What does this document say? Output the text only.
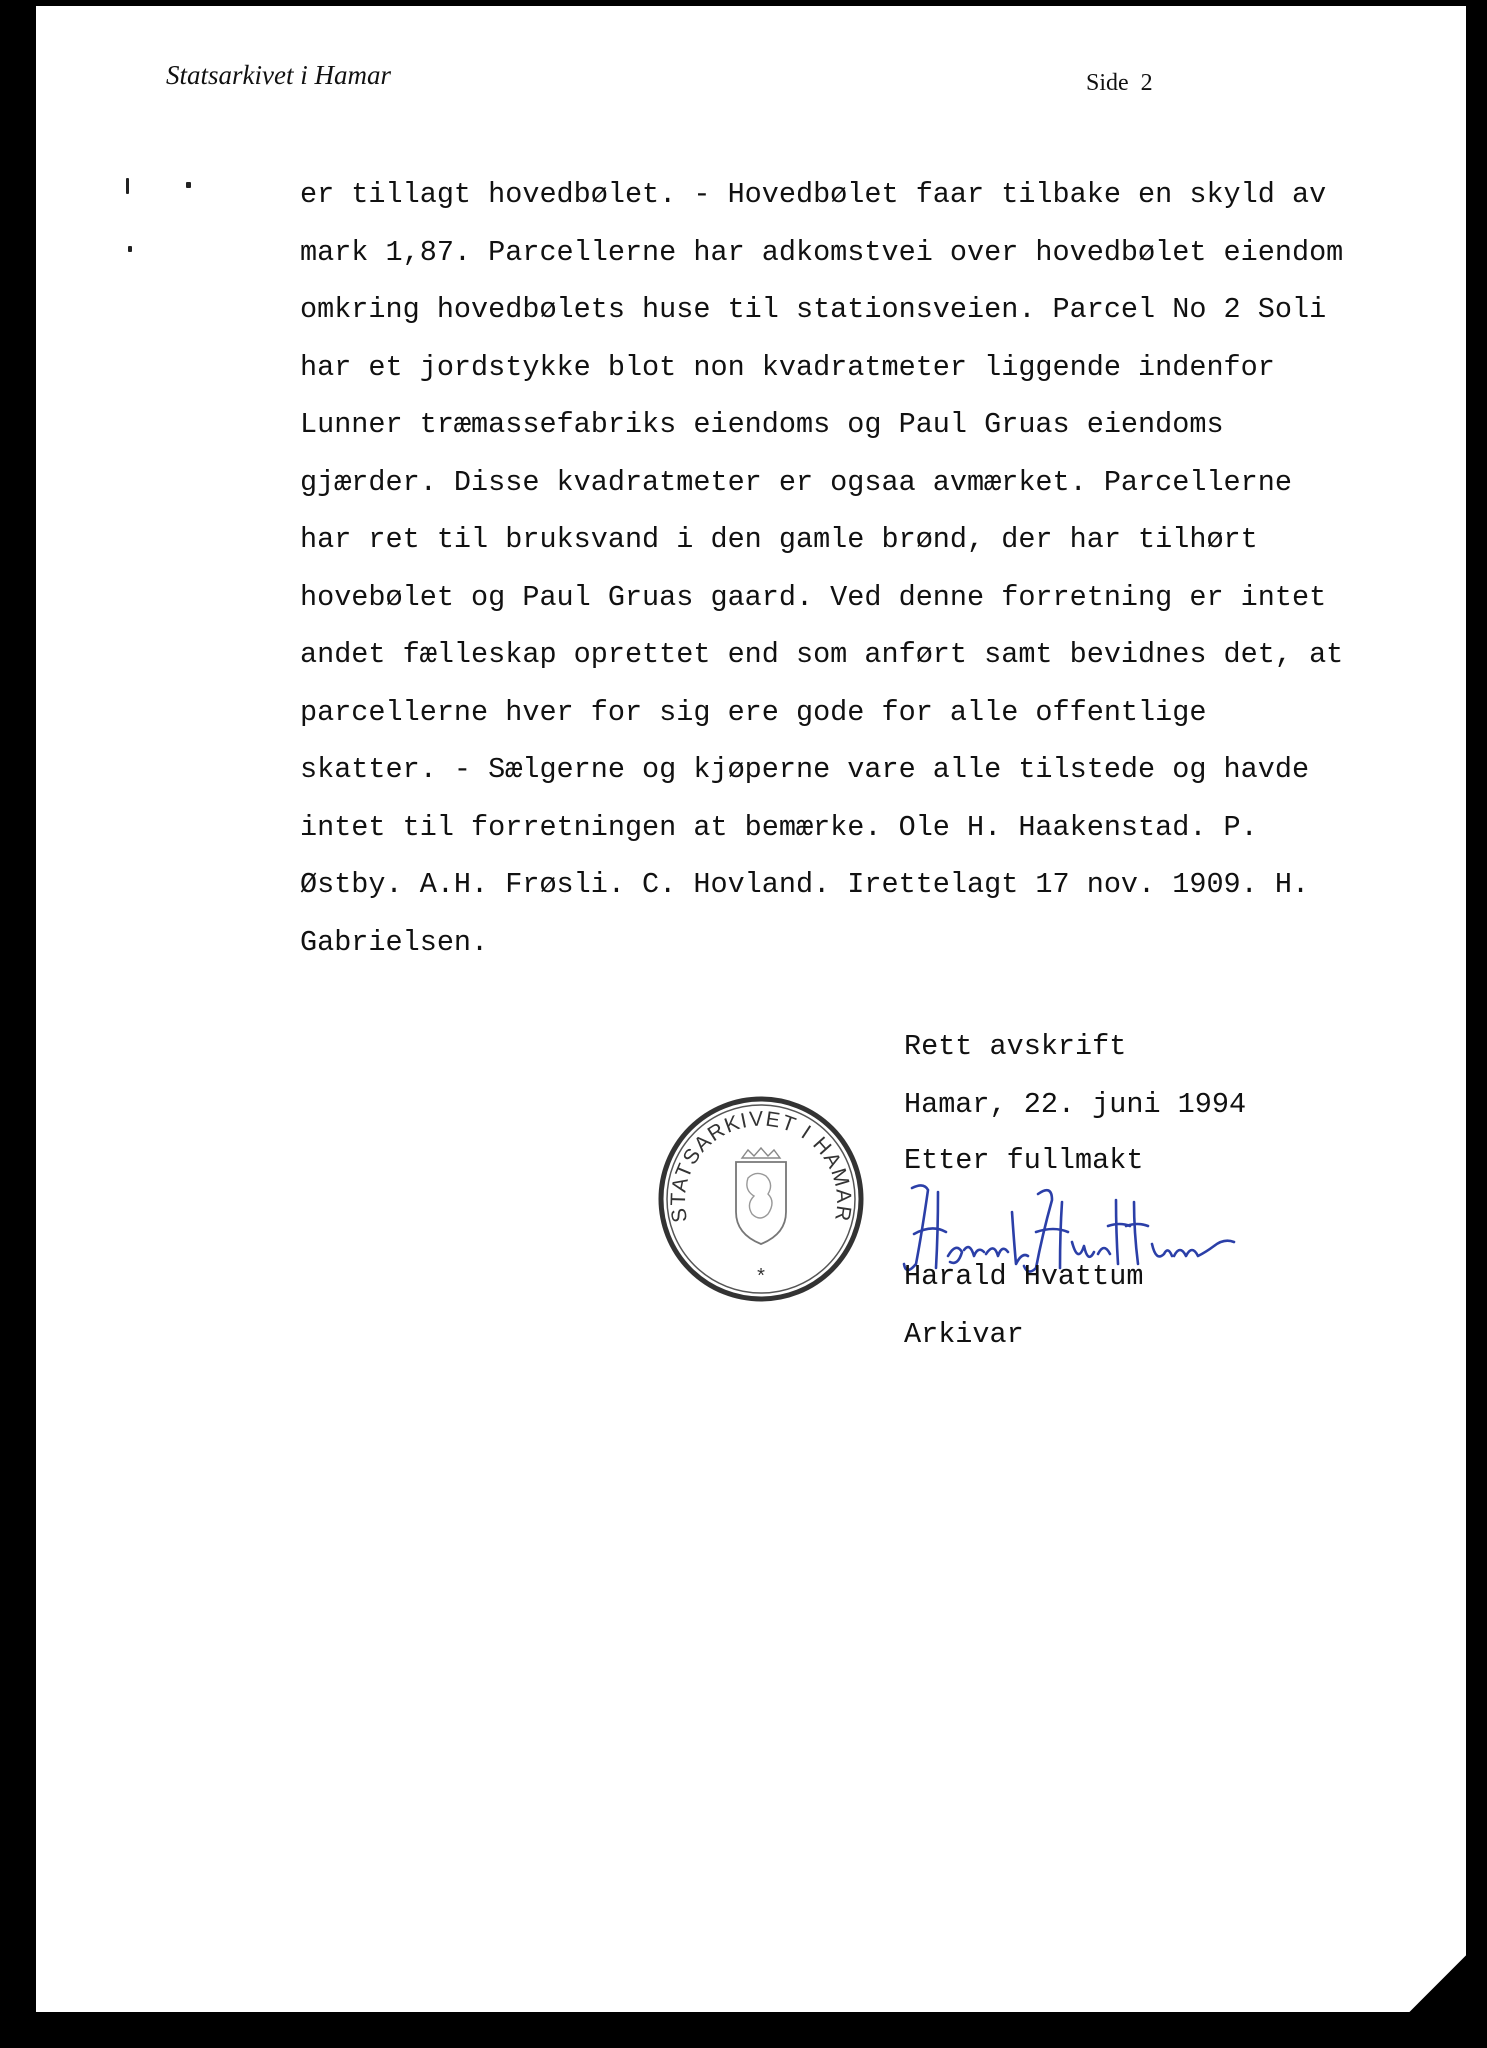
Statsarkivet i Hamar	Side 2
er tillagt hovedbølet. - Hovedbølet faar tilbake en skyld av
mark 1,87. Parcellerne har adkomstvei over hovedbølet eiendom
omkring hovedbølets huse til stationsveien. Parcel No 2 Soli
har et jordstykke blot non kvadratmeter liggende indenfor
Lunner træmassefabriks eiendoms og Paul Gruas eiendoms
gjærder. Disse kvadratmeter er ogsaa avmærket. Parcellerne
har ret til bruksvand i den gamle brønd, der har tilhørt
hovebølet og Paul Gruas gaard. Ved denne forretning er intet
andet fælleskap oprettet end som anført samt bevidnes det, at
parcellerne hver for sig ere gode for alle offentlige
skatter. - Sælgerne og kjøperne vare alle tilstede og havde
intet til forretningen at bemærke. Ole H. Haakenstad. P.
Østby. A.H. Frøsli. C. Hovland. Irettelagt 17 nov. 1909. H.
Gabrielsen.
STATSARKIVET I HAMAR
*
Rett avskrift
Hamar, 22. juni 1994
Etter fullmakt
Harald Hvattum
Arkivar
